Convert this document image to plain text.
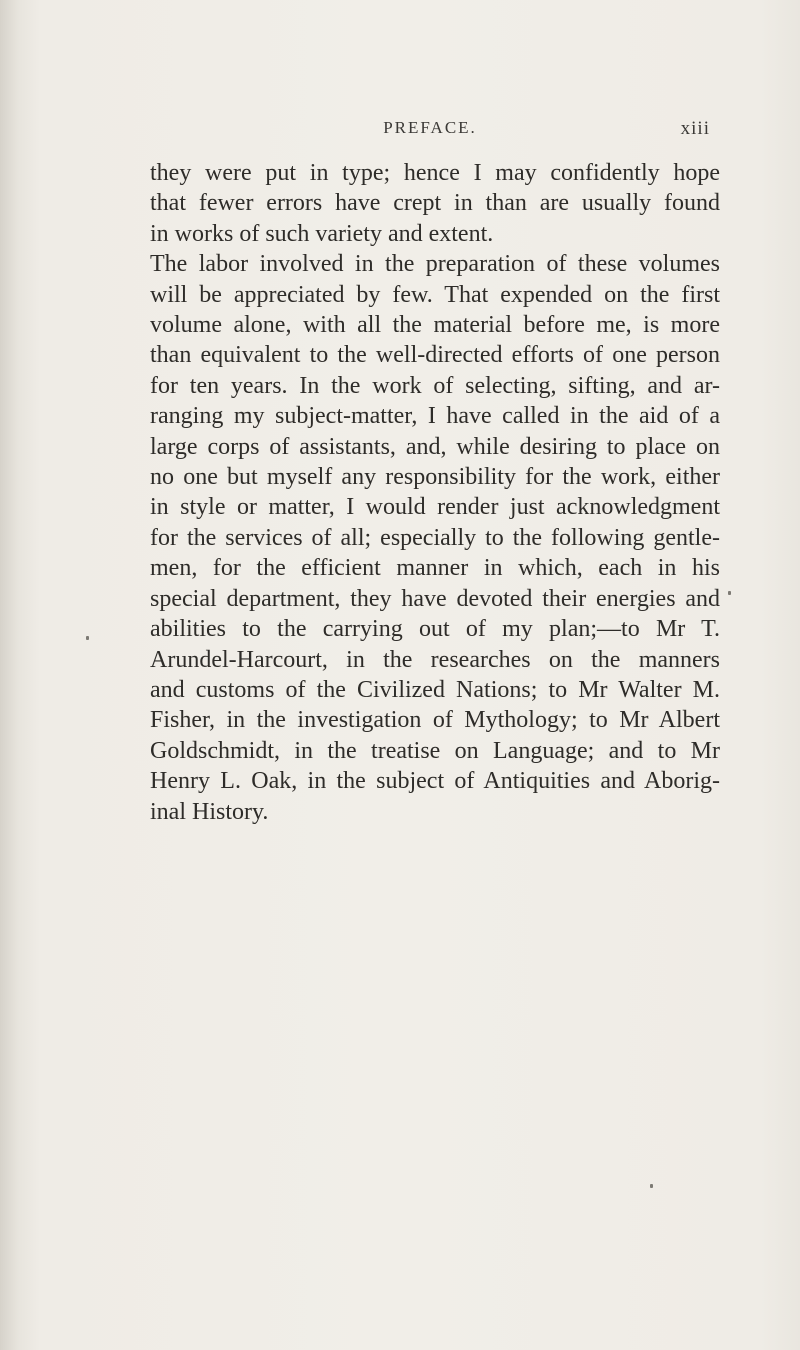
PREFACE.	xiii
they were put in type; hence I may confidently hope
that fewer errors have crept in than are usually found
in works of such variety and extent.
The labor involved in the preparation of these volumes
will be appreciated by few. That expended on the first
volume alone, with all the material before me, is more
than equivalent to the well-directed efforts of one person
for ten years. In the work of selecting, sifting, and ar-
ranging my subject-matter, I have called in the aid of a
large corps of assistants, and, while desiring to place on
no one but myself any responsibility for the work, either
in style or matter, I would render just acknowledgment
for the services of all; especially to the following gentle-
men, for the efficient manner in which, each in his
special department, they have devoted their energies and
abilities to the carrying out of my plan;—to Mr T.
Arundel-Harcourt, in the researches on the manners
and customs of the Civilized Nations; to Mr Walter M.
Fisher, in the investigation of Mythology; to Mr Albert
Goldschmidt, in the treatise on Language; and to Mr
Henry L. Oak, in the subject of Antiquities and Aborig-
inal History.
